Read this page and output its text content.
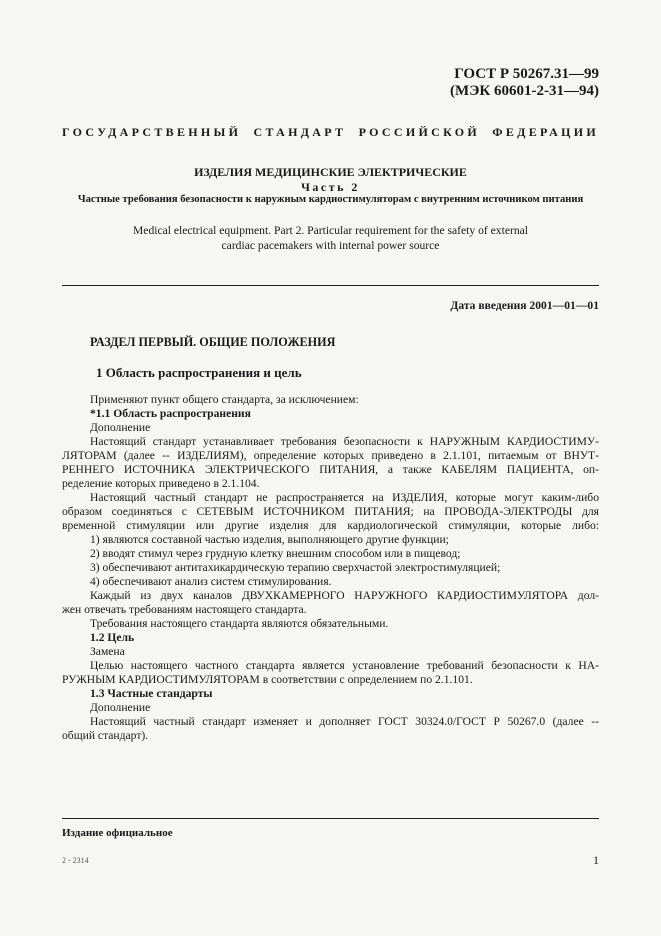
ГОСТ Р 50267.31—99
(МЭК 60601-2-31—94)
ГОСУДАРСТВЕННЫЙ СТАНДАРТ РОССИЙСКОЙ ФЕДЕРАЦИИ
ИЗДЕЛИЯ МЕДИЦИНСКИЕ ЭЛЕКТРИЧЕСКИЕ
Часть 2
Частные требования безопасности к наружным кардиостимуляторам с внутренним источником питания
Medical electrical equipment. Part 2. Particular requirement for the safety of external
cardiac pacemakers with internal power source
Дата введения 2001—01—01
РАЗДЕЛ ПЕРВЫЙ. ОБЩИЕ ПОЛОЖЕНИЯ
1 Область распространения и цель
Применяют пункт общего стандарта, за исключением:
*1.1 Область распространения
Дополнение
Настоящий стандарт устанавливает требования безопасности к НАРУЖНЫМ КАРДИОСТИМУ-
ЛЯТОРАМ (далее -- ИЗДЕЛИЯМ), определение которых приведено в 2.1.101, питаемым от ВНУТ-
РЕННЕГО ИСТОЧНИКА ЭЛЕКТРИЧЕСКОГО ПИТАНИЯ, а также КАБЕЛЯМ ПАЦИЕНТА, оп-
ределение которых приведено в 2.1.104.
Настоящий частный стандарт не распространяется на ИЗДЕЛИЯ, которые могут каким-либо
образом соединяться с СЕТЕВЫМ ИСТОЧНИКОМ ПИТАНИЯ; на ПРОВОДА-ЭЛЕКТРОДЫ для
временной стимуляции или другие изделия для кардиологической стимуляции, которые либо:
1) являются составной частью изделия, выполняющего другие функции;
2) вводят стимул через грудную клетку внешним способом или в пищевод;
3) обеспечивают антитахикардическую терапию сверхчастой электростимуляцией;
4) обеспечивают анализ систем стимулирования.
Каждый из двух каналов ДВУХКАМЕРНОГО НАРУЖНОГО КАРДИОСТИМУЛЯТОРА дол-
жен отвечать требованиям настоящего стандарта.
Требования настоящего стандарта являются обязательными.
1.2 Цель
Замена
Целью настоящего частного стандарта является установление требований безопасности к НА-
РУЖНЫМ КАРДИОСТИМУЛЯТОРАМ в соответствии с определением по 2.1.101.
1.3 Частные стандарты
Дополнение
Настоящий частный стандарт изменяет и дополняет ГОСТ 30324.0/ГОСТ Р 50267.0 (далее --
общий стандарт).
Издание официальное
2 - 2314	1
